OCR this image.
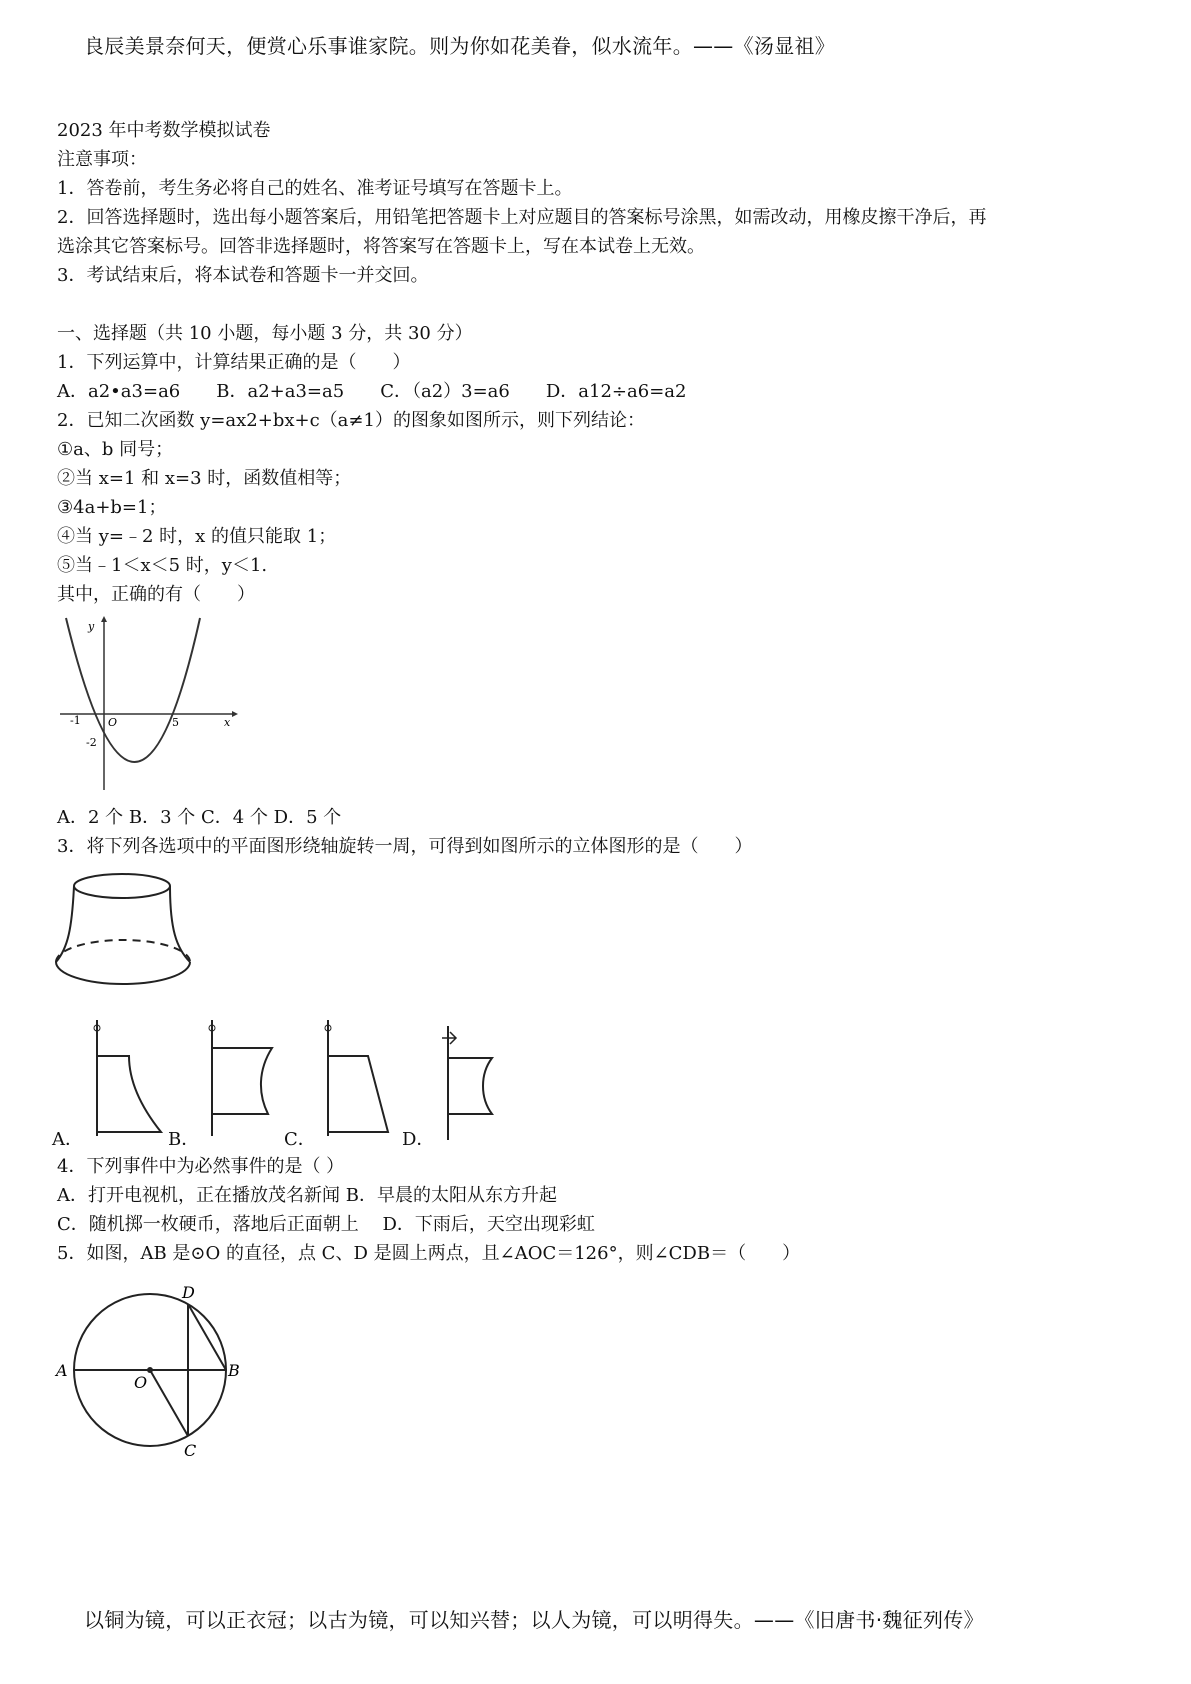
良辰美景奈何天，便赏心乐事谁家院。则为你如花美眷，似水流年。——《汤显祖》
2023 年中考数学模拟试卷
注意事项：
1．答卷前，考生务必将自己的姓名、准考证号填写在答题卡上。
2．回答选择题时，选出每小题答案后，用铅笔把答题卡上对应题目的答案标号涂黑，如需改动，用橡皮擦干净后，再
选涂其它答案标号。回答非选择题时，将答案写在答题卡上，写在本试卷上无效。
3．考试结束后，将本试卷和答题卡一并交回。
一、选择题（共 10 小题，每小题 3 分，共 30 分）
1．下列运算中，计算结果正确的是（　　）
A．a2•a3=a6　　B．a2+a3=a5　　C．（a2）3=a6　　D．a12÷a6=a2
2．已知二次函数 y=ax2+bx+c（a≠1）的图象如图所示，则下列结论：
①a、b 同号；
②当 x=1 和 x=3 时，函数值相等；
③4a+b=1；
④当 y=﹣2 时，x 的值只能取 1；
⑤当﹣1＜x＜5 时，y＜1.
其中，正确的有（　　）
y
x
-1 O	5
-2
A．2 个 B．3 个 C．4 个 D．5 个
3．将下列各选项中的平面图形绕轴旋转一周，可得到如图所示的立体图形的是（　　）
A．	B．	C．	D．
4．下列事件中为必然事件的是（ ）
A．打开电视机，正在播放茂名新闻 B．早晨的太阳从东方升起
C．随机掷一枚硬币，落地后正面朝上　 D．下雨后，天空出现彩虹
5．如图，AB 是⊙O 的直径，点 C、D 是圆上两点，且∠AOC＝126°，则∠CDB＝（　　）
A	B
C
D
O
以铜为镜，可以正衣冠；以古为镜，可以知兴替；以人为镜，可以明得失。——《旧唐书·魏征列传》
